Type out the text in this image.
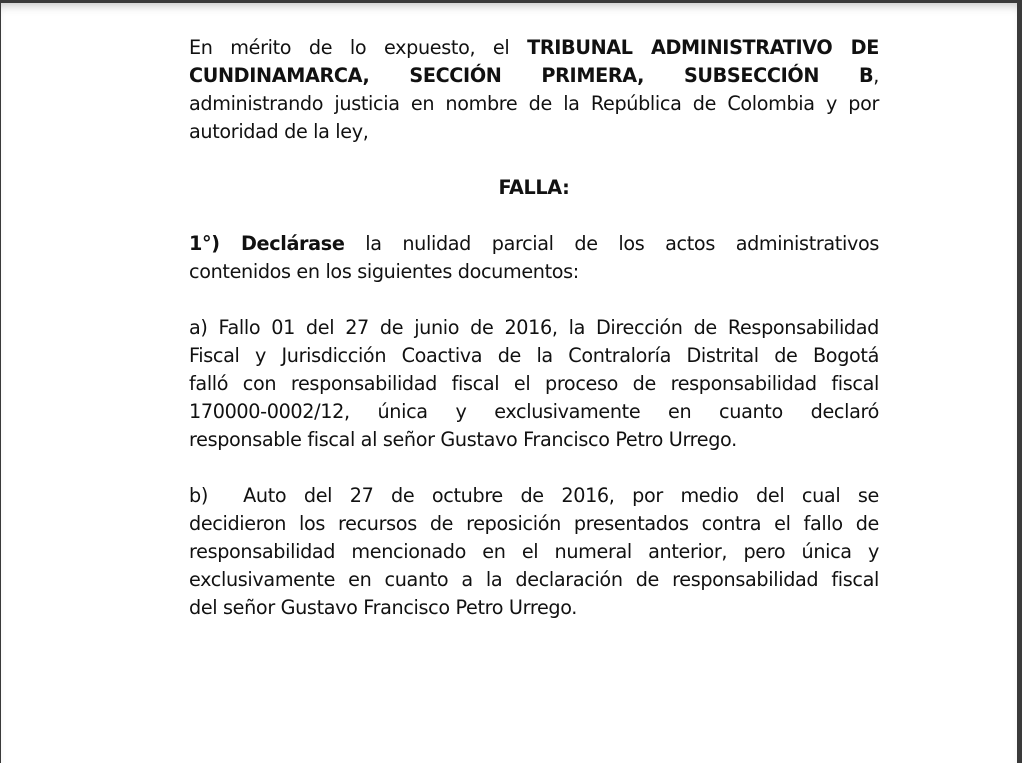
En mérito de lo expuesto, el TRIBUNAL ADMINISTRATIVO DE
CUNDINAMARCA, SECCIÓN PRIMERA, SUBSECCIÓN B,
administrando justicia en nombre de la República de Colombia y por
autoridad de la ley,

FALLA:

1°) Declárase la nulidad parcial de los actos administrativos
contenidos en los siguientes documentos:

a) Fallo 01 del 27 de junio de 2016, la Dirección de Responsabilidad
Fiscal y Jurisdicción Coactiva de la Contraloría Distrital de Bogotá
falló con responsabilidad fiscal el proceso de responsabilidad fiscal
170000-0002/12, única y exclusivamente en cuanto declaró
responsable fiscal al señor Gustavo Francisco Petro Urrego.

b)  Auto del 27 de octubre de 2016, por medio del cual se
decidieron los recursos de reposición presentados contra el fallo de
responsabilidad mencionado en el numeral anterior, pero única y
exclusivamente en cuanto a la declaración de responsabilidad fiscal
del señor Gustavo Francisco Petro Urrego.
